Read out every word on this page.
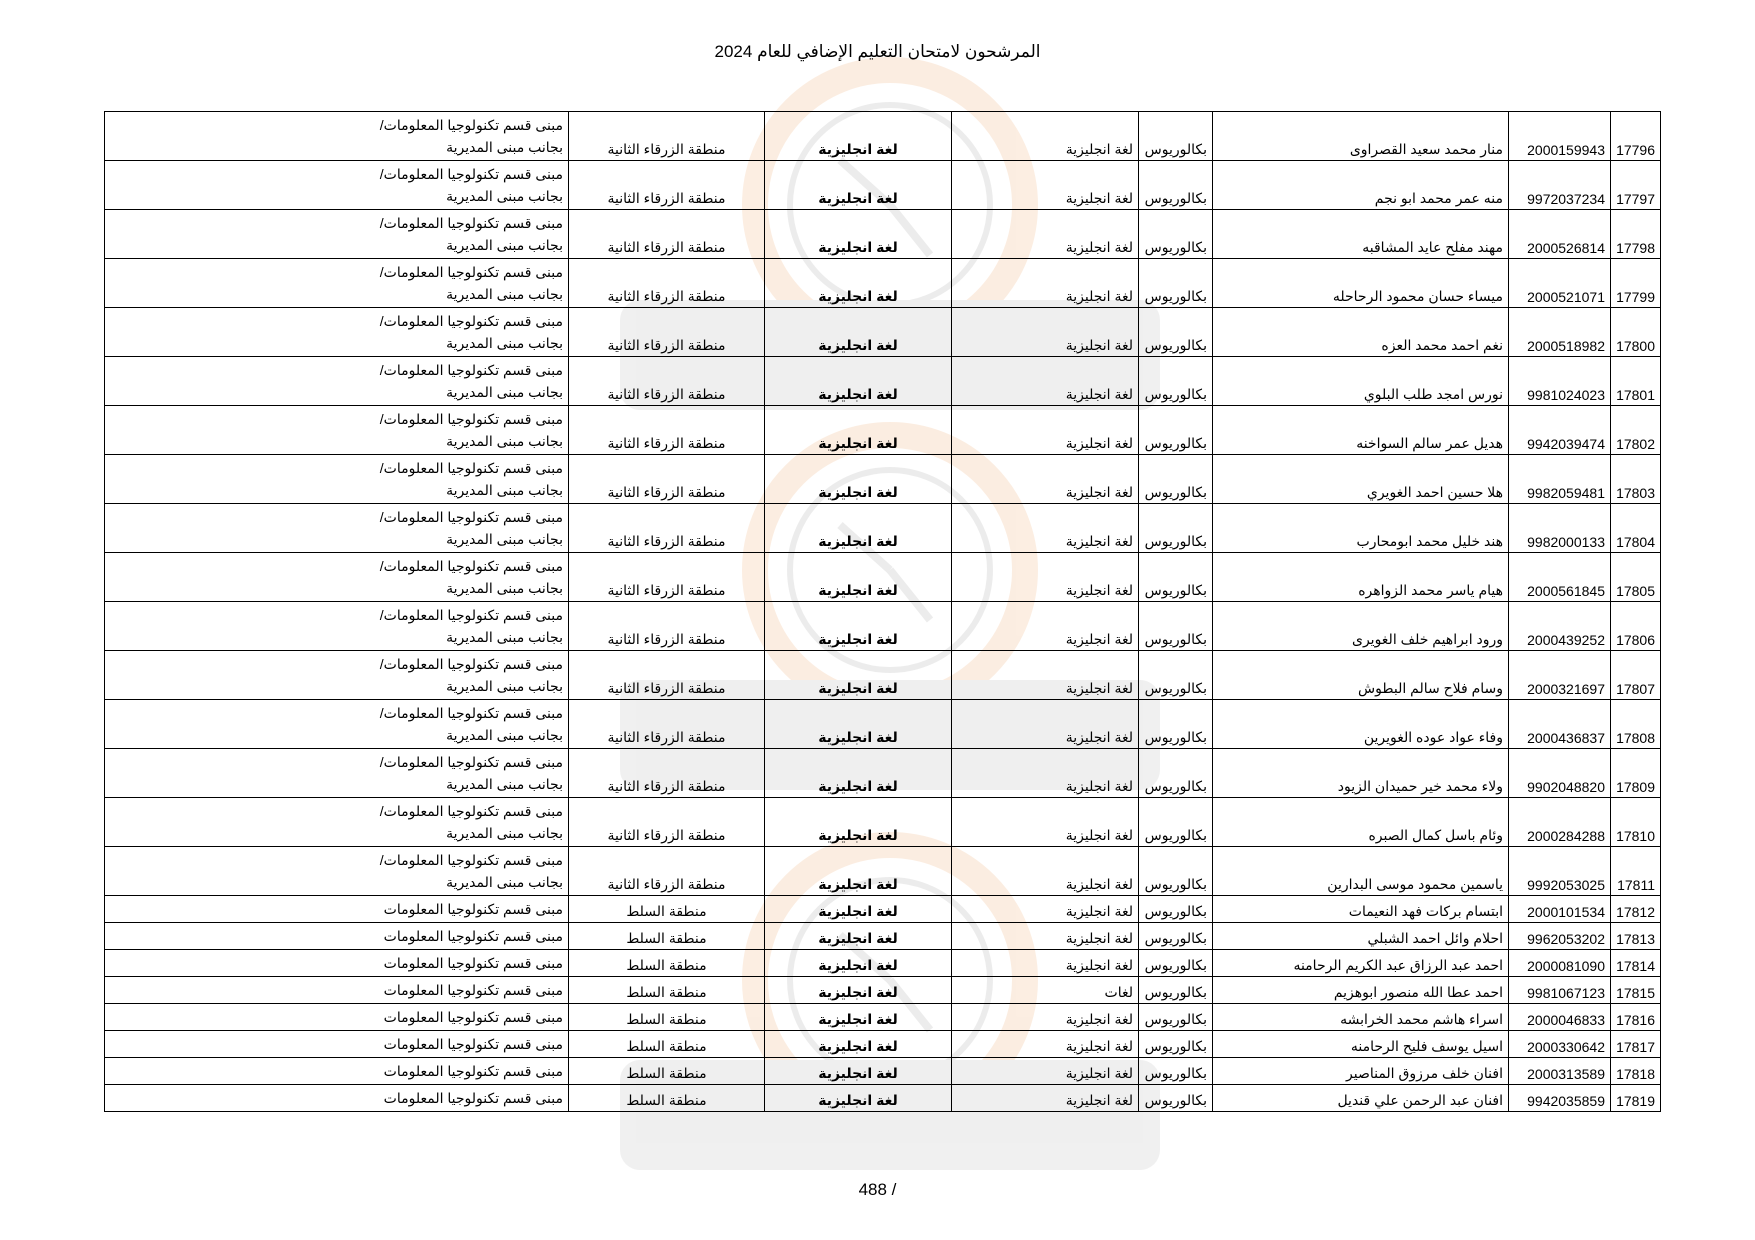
المرشحون لامتحان التعليم الإضافي للعام 2024
17796	2000159943	منار محمد سعيد القصراوى	بكالوريوس	لغة انجليزية	لغة انجليزية	منطقة الزرقاء الثانية	مبنى قسم تكنولوجيا المعلومات/
بجانب مبنى المديرية

17797	9972037234	منه عمر محمد ابو نجم	بكالوريوس	لغة انجليزية	لغة انجليزية	منطقة الزرقاء الثانية	مبنى قسم تكنولوجيا المعلومات/
بجانب مبنى المديرية

17798	2000526814	مهند مفلح عايد المشاقبه	بكالوريوس	لغة انجليزية	لغة انجليزية	منطقة الزرقاء الثانية	مبنى قسم تكنولوجيا المعلومات/
بجانب مبنى المديرية

17799	2000521071	ميساء حسان محمود الرحاحله	بكالوريوس	لغة انجليزية	لغة انجليزية	منطقة الزرقاء الثانية	مبنى قسم تكنولوجيا المعلومات/
بجانب مبنى المديرية

17800	2000518982	نغم احمد محمد العزه	بكالوريوس	لغة انجليزية	لغة انجليزية	منطقة الزرقاء الثانية	مبنى قسم تكنولوجيا المعلومات/
بجانب مبنى المديرية

17801	9981024023	نورس امجد طلب البلوي	بكالوريوس	لغة انجليزية	لغة انجليزية	منطقة الزرقاء الثانية	مبنى قسم تكنولوجيا المعلومات/
بجانب مبنى المديرية

17802	9942039474	هديل عمر سالم السواخنه	بكالوريوس	لغة انجليزية	لغة انجليزية	منطقة الزرقاء الثانية	مبنى قسم تكنولوجيا المعلومات/
بجانب مبنى المديرية

17803	9982059481	هلا حسين احمد الغويري	بكالوريوس	لغة انجليزية	لغة انجليزية	منطقة الزرقاء الثانية	مبنى قسم تكنولوجيا المعلومات/
بجانب مبنى المديرية

17804	9982000133	هند خليل محمد ابومحارب	بكالوريوس	لغة انجليزية	لغة انجليزية	منطقة الزرقاء الثانية	مبنى قسم تكنولوجيا المعلومات/
بجانب مبنى المديرية

17805	2000561845	هيام ياسر محمد الزواهره	بكالوريوس	لغة انجليزية	لغة انجليزية	منطقة الزرقاء الثانية	مبنى قسم تكنولوجيا المعلومات/
بجانب مبنى المديرية

17806	2000439252	ورود ابراهيم خلف الغويرى	بكالوريوس	لغة انجليزية	لغة انجليزية	منطقة الزرقاء الثانية	مبنى قسم تكنولوجيا المعلومات/
بجانب مبنى المديرية

17807	2000321697	وسام فلاح سالم البطوش	بكالوريوس	لغة انجليزية	لغة انجليزية	منطقة الزرقاء الثانية	مبنى قسم تكنولوجيا المعلومات/
بجانب مبنى المديرية

17808	2000436837	وفاء عواد عوده الغويرين	بكالوريوس	لغة انجليزية	لغة انجليزية	منطقة الزرقاء الثانية	مبنى قسم تكنولوجيا المعلومات/
بجانب مبنى المديرية

17809	9902048820	ولاء محمد خير حميدان الزيود	بكالوريوس	لغة انجليزية	لغة انجليزية	منطقة الزرقاء الثانية	مبنى قسم تكنولوجيا المعلومات/
بجانب مبنى المديرية

17810	2000284288	وئام باسل كمال الصبره	بكالوريوس	لغة انجليزية	لغة انجليزية	منطقة الزرقاء الثانية	مبنى قسم تكنولوجيا المعلومات/
بجانب مبنى المديرية

17811	9992053025	ياسمين محمود موسى البدارين	بكالوريوس	لغة انجليزية	لغة انجليزية	منطقة الزرقاء الثانية	مبنى قسم تكنولوجيا المعلومات/
بجانب مبنى المديرية

17812	2000101534	ابتسام بركات فهد النعيمات	بكالوريوس	لغة انجليزية	لغة انجليزية	منطقة السلط	مبنى قسم تكنولوجيا المعلومات

17813	9962053202	احلام وائل احمد الشبلي	بكالوريوس	لغة انجليزية	لغة انجليزية	منطقة السلط	مبنى قسم تكنولوجيا المعلومات

17814	2000081090	احمد عبد الرزاق عبد الكريم الرحامنه	بكالوريوس	لغة انجليزية	لغة انجليزية	منطقة السلط	مبنى قسم تكنولوجيا المعلومات

17815	9981067123	احمد عطا الله منصور ابوهزيم	بكالوريوس	لغات	لغة انجليزية	منطقة السلط	مبنى قسم تكنولوجيا المعلومات

17816	2000046833	اسراء هاشم محمد الخرابشه	بكالوريوس	لغة انجليزية	لغة انجليزية	منطقة السلط	مبنى قسم تكنولوجيا المعلومات

17817	2000330642	اسيل يوسف فليح الرحامنه	بكالوريوس	لغة انجليزية	لغة انجليزية	منطقة السلط	مبنى قسم تكنولوجيا المعلومات

17818	2000313589	افنان خلف مرزوق المناصير	بكالوريوس	لغة انجليزية	لغة انجليزية	منطقة السلط	مبنى قسم تكنولوجيا المعلومات

17819	9942035859	افنان عبد الرحمن علي قنديل	بكالوريوس	لغة انجليزية	لغة انجليزية	منطقة السلط	مبنى قسم تكنولوجيا المعلومات
488 /
